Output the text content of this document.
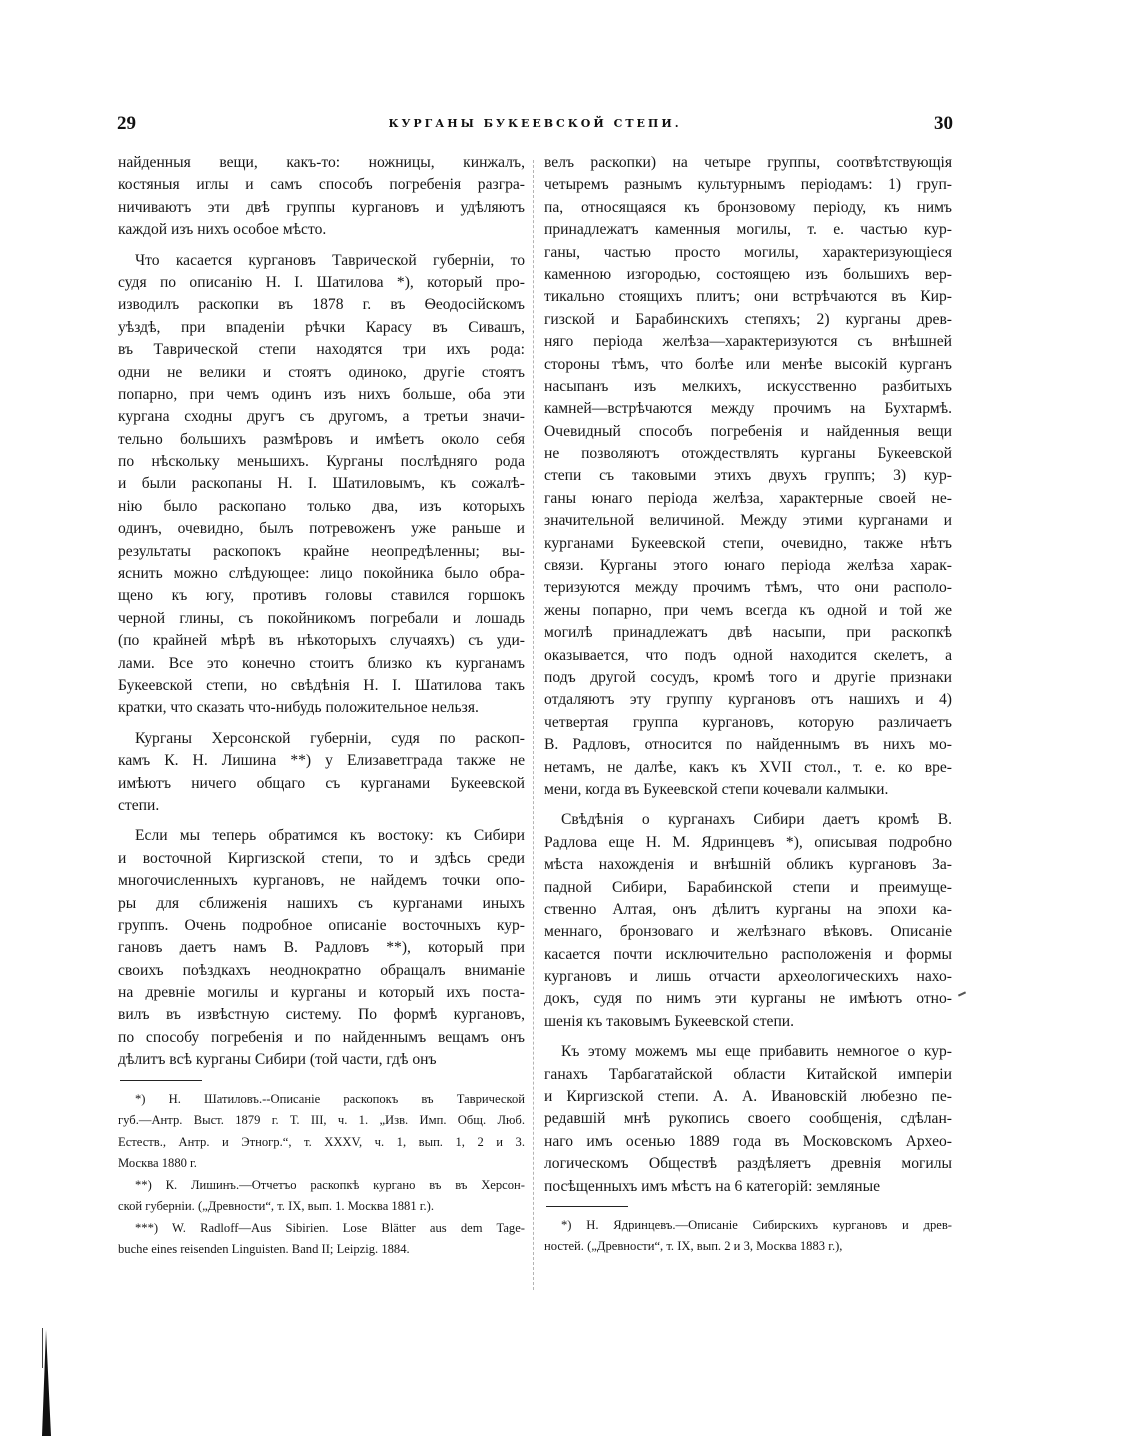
29	КУРГАНЫ БУКЕЕВСКОЙ СТЕПИ.	30
найденныя вещи, какъ-то: ножницы, кинжалъ,
костяныя иглы и самъ способъ погребенія разгра-
ничиваютъ эти двѣ группы кургановъ и удѣляютъ
каждой изъ нихъ особое мѣсто.
Что касается кургановъ Таврической губерніи, то
судя по описанію Н. І. Шатилова *), который про-
изводилъ раскопки въ 1878 г. въ Ѳеодосійскомъ
уѣздѣ, при впаденіи рѣчки Карасу въ Сивашъ,
въ Таврической степи находятся три ихъ рода:
одни не велики и стоятъ одиноко, другіе стоятъ
попарно, при чемъ одинъ изъ нихъ больше, оба эти
кургана сходны другъ съ другомъ, а третьи значи-
тельно большихъ размѣровъ и имѣетъ около себя
по нѣскольку меньшихъ. Курганы послѣдняго рода
и были раскопаны Н. І. Шатиловымъ, къ сожалѣ-
нію было раскопано только два, изъ которыхъ
одинъ, очевидно, былъ потревоженъ уже раньше и
результаты раскопокъ крайне неопредѣленны; вы-
яснить можно слѣдующее: лицо покойника было обра-
щено къ югу, противъ головы ставился горшокъ
черной глины, съ покойникомъ погребали и лошадь
(по крайней мѣрѣ въ нѣкоторыхъ случаяхъ) съ уди-
лами. Все это конечно стоитъ близко къ курганамъ
Букеевской степи, но свѣдѣнія Н. І. Шатилова такъ
кратки, что сказать что-нибудь положительное нельзя.
Курганы Херсонской губерніи, судя по раскоп-
камъ К. Н. Лишина **) у Елизаветграда также не
имѣютъ ничего общаго съ курганами Букеевской
степи.
Если мы теперь обратимся къ востоку: къ Сибири
и восточной Киргизской степи, то и здѣсь среди
многочисленныхъ кургановъ, не найдемъ точки опо-
ры для сближенія нашихъ съ курганами иныхъ
группъ. Очень подробное описаніе восточныхъ кур-
гановъ даетъ намъ В. Радловъ **), который при
своихъ поѣздкахъ неоднократно обращалъ вниманіе
на древніе могилы и курганы и который ихъ поста-
вилъ въ извѣстную систему. По формѣ кургановъ,
по способу погребенія и по найденнымъ вещамъ онъ
дѣлитъ всѣ курганы Сибири (той части, гдѣ онъ
*) Н. Шатиловъ.--Описаніе раскопокъ въ Таврической
губ.—Антр. Выст. 1879 г. Т. III, ч. 1. „Изв. Имп. Общ. Люб.
Естеств., Антр. и Этногр.“, т. XXXV, ч. 1, вып. 1, 2 и 3.
Москва 1880 г.
**) К. Лишинъ.—Отчетъо раскопкѣ кургано въ въ Херсон-
ской губерніи. („Древности“, т. IX, вып. 1. Москва 1881 г.).
***) W. Radloff—Aus Sibirien. Lose Blätter aus dem Tage-
buche eines reisenden Linguisten. Band II; Leipzig. 1884.
велъ раскопки) на четыре группы, соотвѣтствующія
четыремъ разнымъ культурнымъ періодамъ: 1) груп-
па, относящаяся къ бронзовому періоду, къ нимъ
принадлежатъ каменныя могилы, т. е. частью кур-
ганы, частью просто могилы, характеризующіеся
каменною изгородью, состоящею изъ большихъ вер-
тикально стоящихъ плитъ; они встрѣчаются въ Кир-
гизской и Барабинскихъ степяхъ; 2) курганы древ-
няго періода желѣза—характеризуются съ внѣшней
стороны тѣмъ, что болѣе или менѣе высокій курганъ
насыпанъ изъ мелкихъ, искусственно разбитыхъ
камней—встрѣчаются между прочимъ на Бухтармѣ.
Очевидный способъ погребенія и найденныя вещи
не позволяютъ отождествлять курганы Букеевской
степи съ таковыми этихъ двухъ группъ; 3) кур-
ганы юнаго періода желѣза, характерные своей не-
значительной величиной. Между этими курганами и
курганами Букеевской степи, очевидно, также нѣтъ
связи. Курганы этого юнаго періода желѣза харак-
теризуются между прочимъ тѣмъ, что они располо-
жены попарно, при чемъ всегда къ одной и той же
могилѣ принадлежатъ двѣ насыпи, при раскопкѣ
оказывается, что подъ одной находится скелетъ, а
подъ другой сосудъ, кромѣ того и другіе признаки
отдаляютъ эту группу кургановъ отъ нашихъ и 4)
четвертая группа кургановъ, которую различаетъ
В. Радловъ, относится по найденнымъ въ нихъ мо-
нетамъ, не далѣе, какъ къ XVII стол., т. е. ко вре-
мени, когда въ Букеевской степи кочевали калмыки.
Свѣдѣнія о курганахъ Сибири даетъ кромѣ В.
Радлова еще Н. М. Ядринцевъ *), описывая подробно
мѣста нахожденія и внѣшній обликъ кургановъ За-
падной Сибири, Барабинской степи и преимуще-
ственно Алтая, онъ дѣлитъ курганы на эпохи ка-
меннаго, бронзоваго и желѣзнаго вѣковъ. Описаніе
касается почти исключительно расположенія и формы
кургановъ и лишь отчасти археологическихъ нахо-
докъ, судя по нимъ эти курганы не имѣютъ отно-
шенія къ таковымъ Букеевской степи.
Къ этому можемъ мы еще прибавить немногое о кур-
ганахъ Тарбагатайской области Китайской имперіи
и Киргизской степи. А. А. Ивановскій любезно пе-
редавшій мнѣ рукопись своего сообщенія, сдѣлан-
наго имъ осенью 1889 года въ Московскомъ Архео-
логическомъ Обществѣ раздѣляетъ древнія могилы
посѣщенныхъ имъ мѣстъ на 6 категорій: земляные
*) Н. Ядринцевъ.—Описаніе Сибирскихъ кургановъ и древ-
ностей. („Древности“, т. IX, вып. 2 и 3, Москва 1883 г.),
